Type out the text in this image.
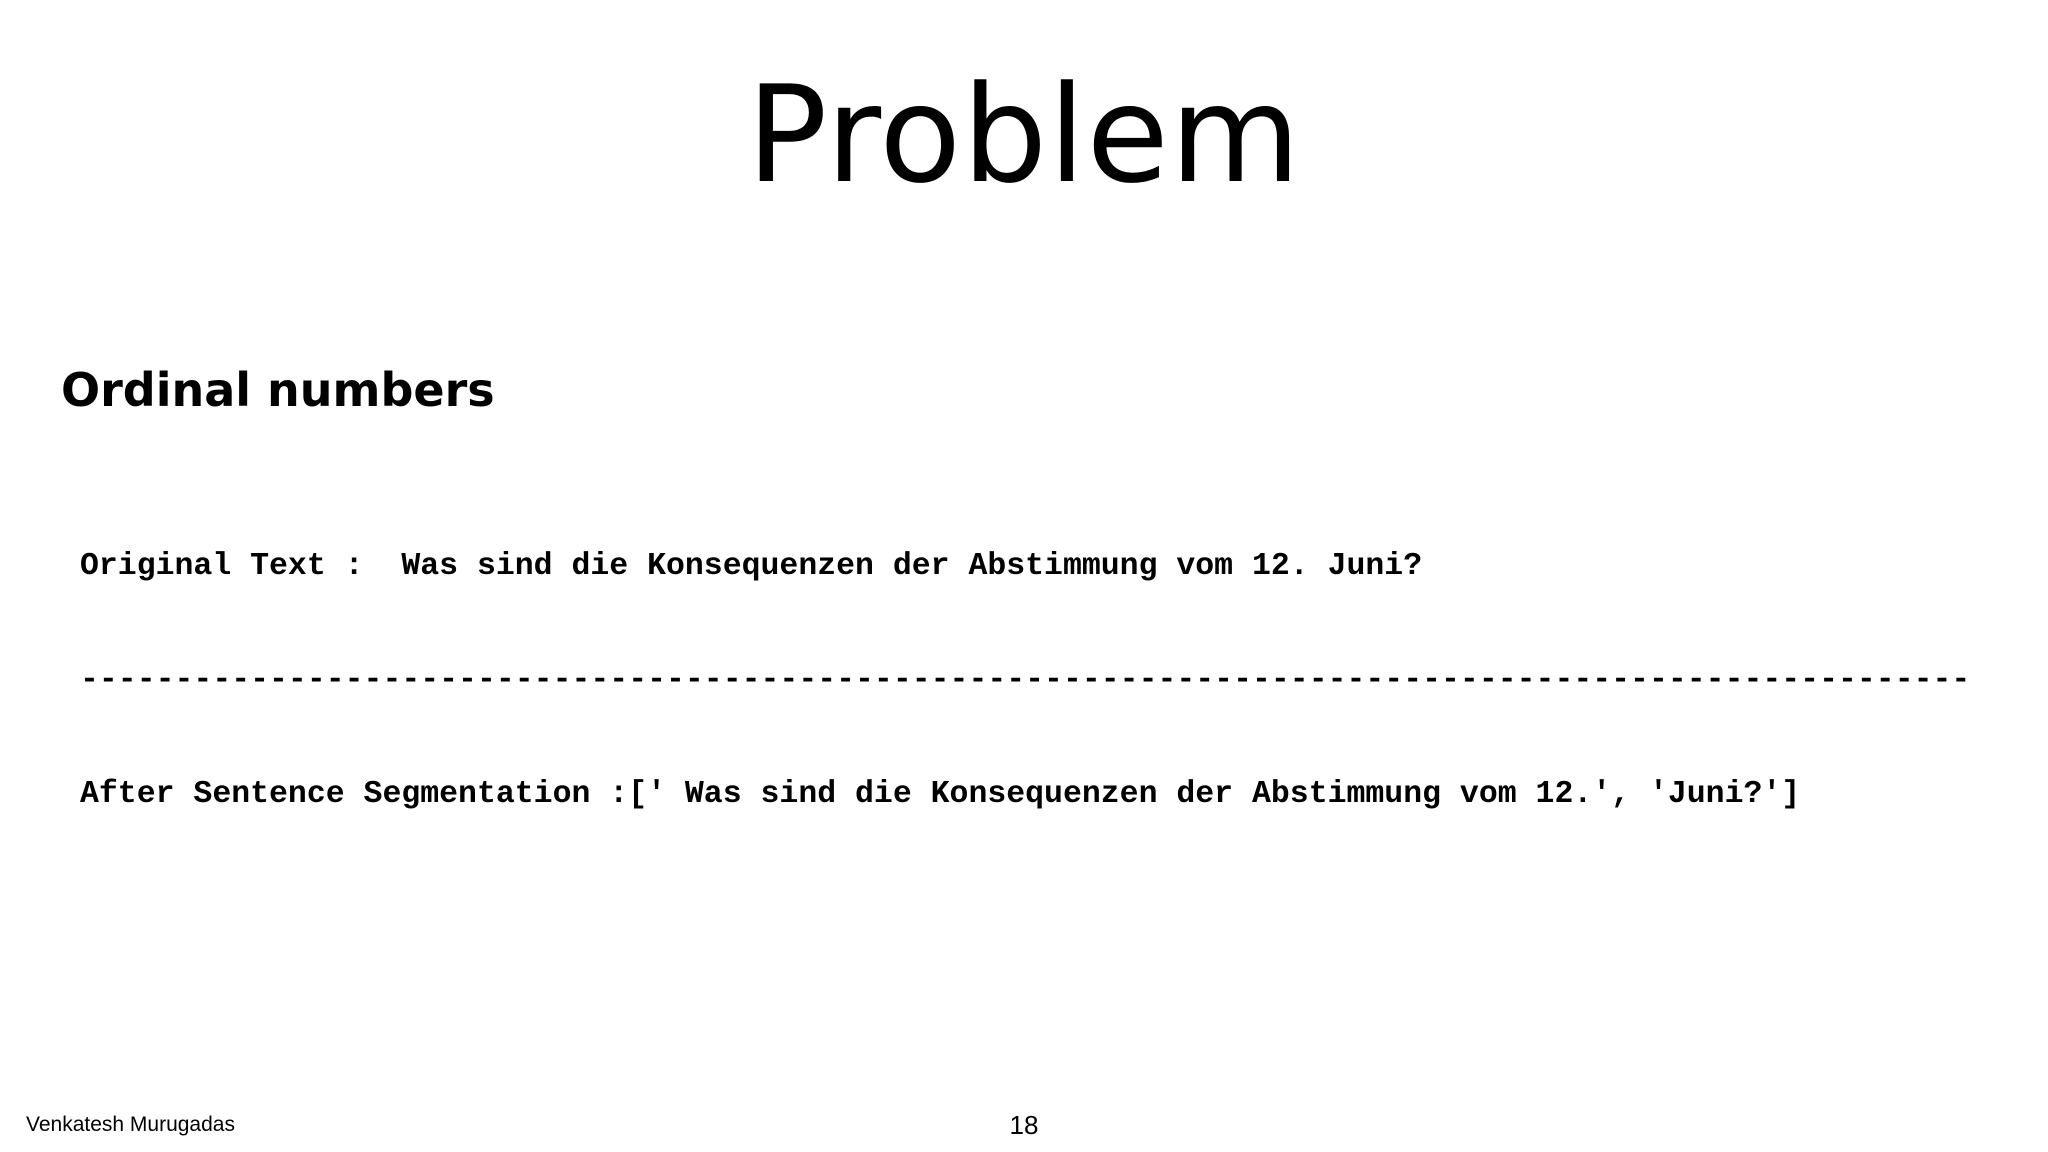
Problem
Ordinal numbers

Original Text :  Was sind die Konsequenzen der Abstimmung vom 12. Juni?

----------------------------------------------------------------------------------------------------

After Sentence Segmentation :[' Was sind die Konsequenzen der Abstimmung vom 12.', 'Juni?']

Venkatesh Murugadas	18
